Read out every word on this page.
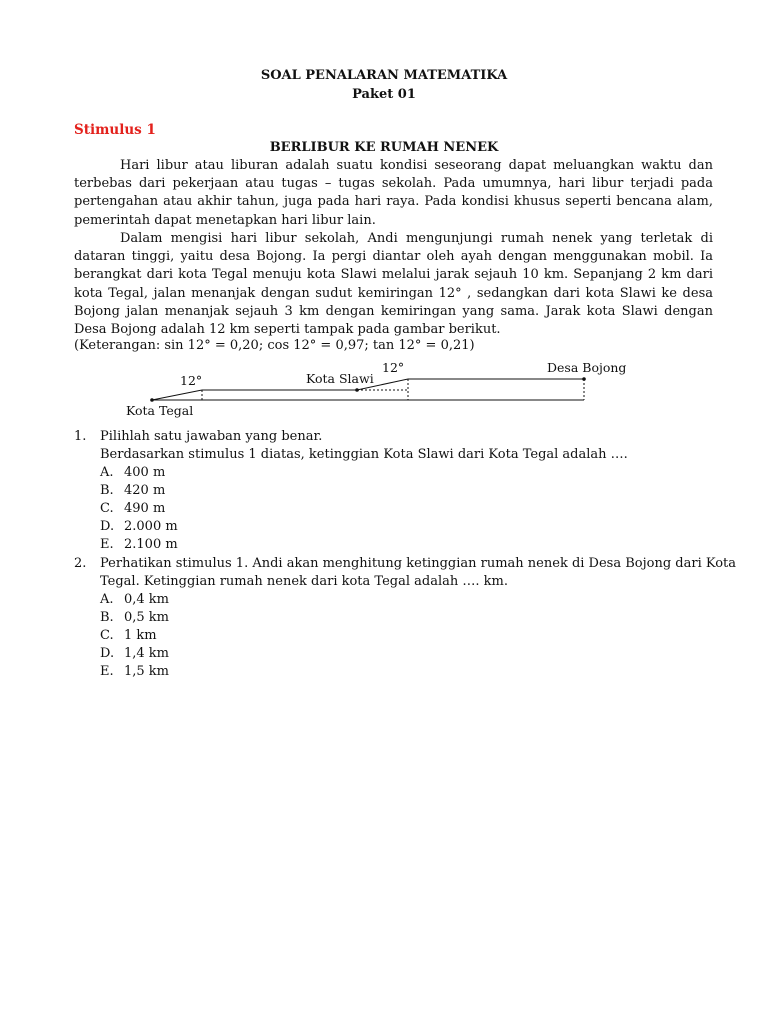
SOAL PENALARAN MATEMATIKA
Paket 01
Stimulus 1
BERLIBUR KE RUMAH NENEK

Hari libur atau liburan adalah suatu kondisi seseorang dapat meluangkan waktu dan terbebas dari pekerjaan atau tugas – tugas sekolah. Pada umumnya, hari libur terjadi pada pertengahan atau akhir tahun, juga pada hari raya. Pada kondisi khusus seperti bencana alam, pemerintah dapat menetapkan hari libur lain.

Dalam mengisi hari libur sekolah, Andi mengunjungi rumah nenek yang terletak di dataran tinggi, yaitu desa Bojong. Ia pergi diantar oleh ayah dengan menggunakan mobil. Ia berangkat dari kota Tegal menuju kota Slawi melalui jarak sejauh 10 km. Sepanjang 2 km dari kota Tegal, jalan menanjak dengan sudut kemiringan 12° , sedangkan dari kota Slawi ke desa Bojong jalan menanjak sejauh 3 km dengan kemiringan yang sama. Jarak kota Slawi dengan Desa Bojong adalah 12 km seperti tampak pada gambar berikut.

(Keterangan: sin 12° = 0,20; cos 12° = 0,97; tan 12° = 0,21)
12°
12°
Kota Slawi
Desa Bojong
Kota Tegal
1.	Pilihlah satu jawaban yang benar.
Berdasarkan stimulus 1 diatas, ketinggian Kota Slawi dari Kota Tegal adalah ….
A. 400 m
B. 420 m
C. 490 m
D. 2.000 m
E. 2.100 m
2.	Perhatikan stimulus 1. Andi akan menghitung ketinggian rumah nenek di Desa Bojong dari Kota
Tegal. Ketinggian rumah nenek dari kota Tegal adalah …. km.
A. 0,4 km
B. 0,5 km
C. 1 km
D. 1,4 km
E. 1,5 km
